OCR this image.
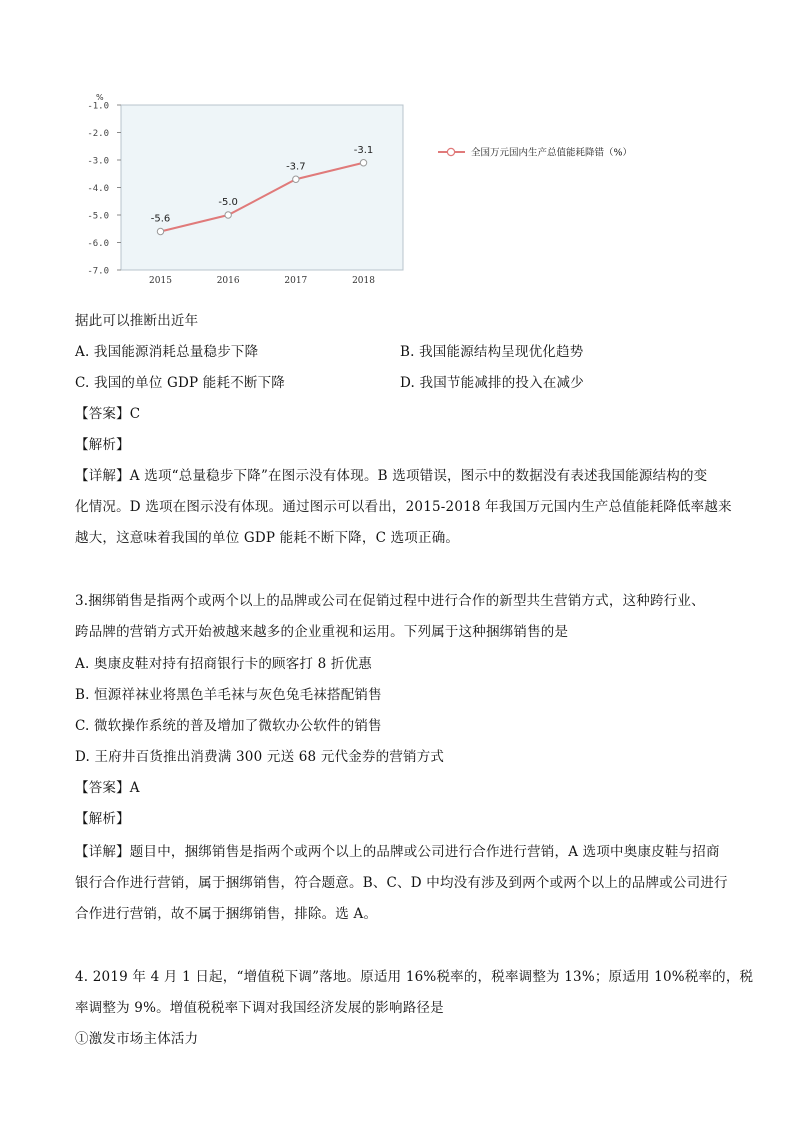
%
-1.0
-2.0
-3.0
-4.0
-5.0
-6.0
-7.0
2015	2016	2017	2018
-5.6
-5.0
-3.7
-3.1	全国万元国内生产总值能耗降错（%）
据此可以推断出近年
A. 我国能源消耗总量稳步下降	B. 我国能源结构呈现优化趋势
C. 我国的单位 GDP 能耗不断下降	D. 我国节能减排的投入在减少
【答案】C
【解析】
【详解】A 选项“总量稳步下降”在图示没有体现。B 选项错误，图示中的数据没有表述我国能源结构的变
化情况。D 选项在图示没有体现。通过图示可以看出，2015-2018 年我国万元国内生产总值能耗降低率越来
越大，这意味着我国的单位 GDP 能耗不断下降，C 选项正确。
3.捆绑销售是指两个或两个以上的品牌或公司在促销过程中进行合作的新型共生营销方式，这种跨行业、
跨品牌的营销方式开始被越来越多的企业重视和运用。下列属于这种捆绑销售的是
A. 奥康皮鞋对持有招商银行卡的顾客打 8 折优惠
B. 恒源祥袜业将黑色羊毛袜与灰色兔毛袜搭配销售
C. 微软操作系统的普及增加了微软办公软件的销售
D. 王府井百货推出消费满 300 元送 68 元代金券的营销方式
【答案】A
【解析】
【详解】题目中，捆绑销售是指两个或两个以上的品牌或公司进行合作进行营销，A 选项中奥康皮鞋与招商
银行合作进行营销，属于捆绑销售，符合题意。B、C、D 中均没有涉及到两个或两个以上的品牌或公司进行
合作进行营销，故不属于捆绑销售，排除。选 A。
4. 2019 年 4 月 1 日起，“增值税下调”落地。原适用 16%税率的，税率调整为 13%；原适用 10%税率的，税
率调整为 9%。增值税税率下调对我国经济发展的影响路径是
①激发市场主体活力
